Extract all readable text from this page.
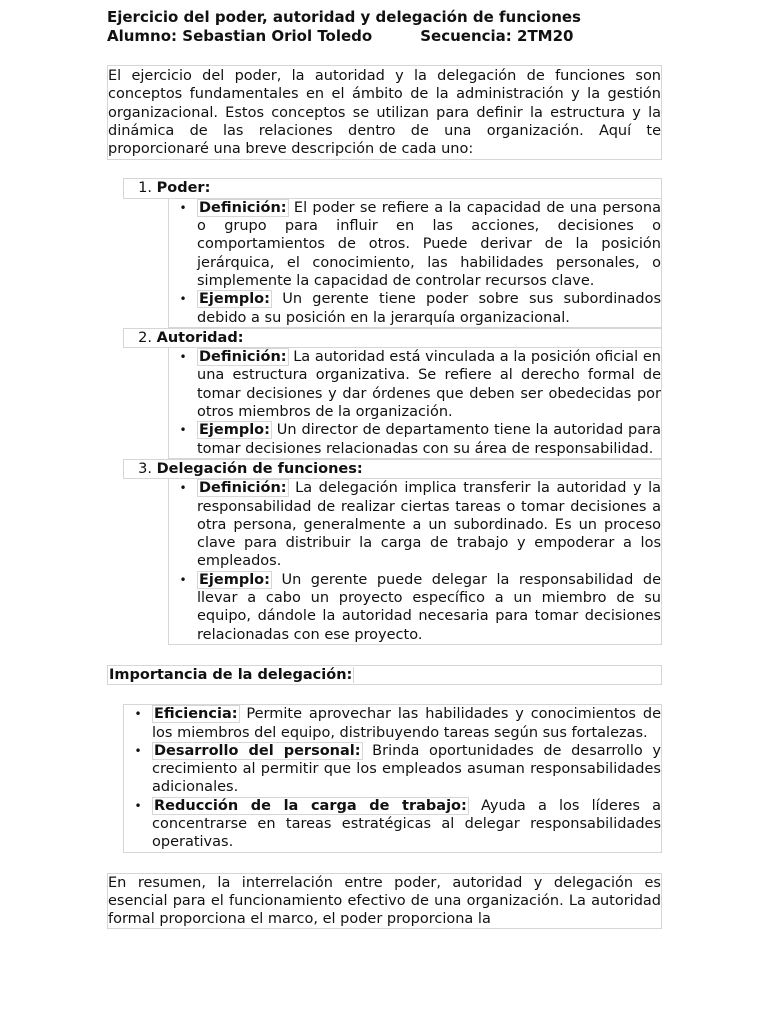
Ejercicio del poder, autoridad y delegación de funciones
Alumno: Sebastian Oriol Toledo	Secuencia: 2TM20
El ejercicio del poder, la autoridad y la delegación de funciones son conceptos fundamentales en el ámbito de la administración y la gestión organizacional. Estos conceptos se utilizan para definir la estructura y la dinámica de las relaciones dentro de una organización. Aquí te proporcionaré una breve descripción de cada uno:
1.
Poder:
• Definición: El poder se refiere a la capacidad de una persona o grupo para influir en las acciones, decisiones o comportamientos de otros. Puede derivar de la posición jerárquica, el conocimiento, las habilidades personales, o simplemente la capacidad de controlar recursos clave.
• Ejemplo: Un gerente tiene poder sobre sus subordinados debido a su posición en la jerarquía organizacional.
2.
Autoridad:
• Definición: La autoridad está vinculada a la posición oficial en una estructura organizativa. Se refiere al derecho formal de tomar decisiones y dar órdenes que deben ser obedecidas por otros miembros de la organización.
• Ejemplo: Un director de departamento tiene la autoridad para tomar decisiones relacionadas con su área de responsabilidad.
3.
Delegación de funciones:
• Definición: La delegación implica transferir la autoridad y la responsabilidad de realizar ciertas tareas o tomar decisiones a otra persona, generalmente a un subordinado. Es un proceso clave para distribuir la carga de trabajo y empoderar a los empleados.
• Ejemplo: Un gerente puede delegar la responsabilidad de llevar a cabo un proyecto específico a un miembro de su equipo, dándole la autoridad necesaria para tomar decisiones relacionadas con ese proyecto.
Importancia de la delegación:
• Eficiencia: Permite aprovechar las habilidades y conocimientos de los miembros del equipo, distribuyendo tareas según sus fortalezas.
• Desarrollo del personal: Brinda oportunidades de desarrollo y crecimiento al permitir que los empleados asuman responsabilidades adicionales.
• Reducción de la carga de trabajo: Ayuda a los líderes a concentrarse en tareas estratégicas al delegar responsabilidades operativas.
En resumen, la interrelación entre poder, autoridad y delegación es esencial para el funcionamiento efectivo de una organización. La autoridad formal proporciona el marco, el poder proporciona la
